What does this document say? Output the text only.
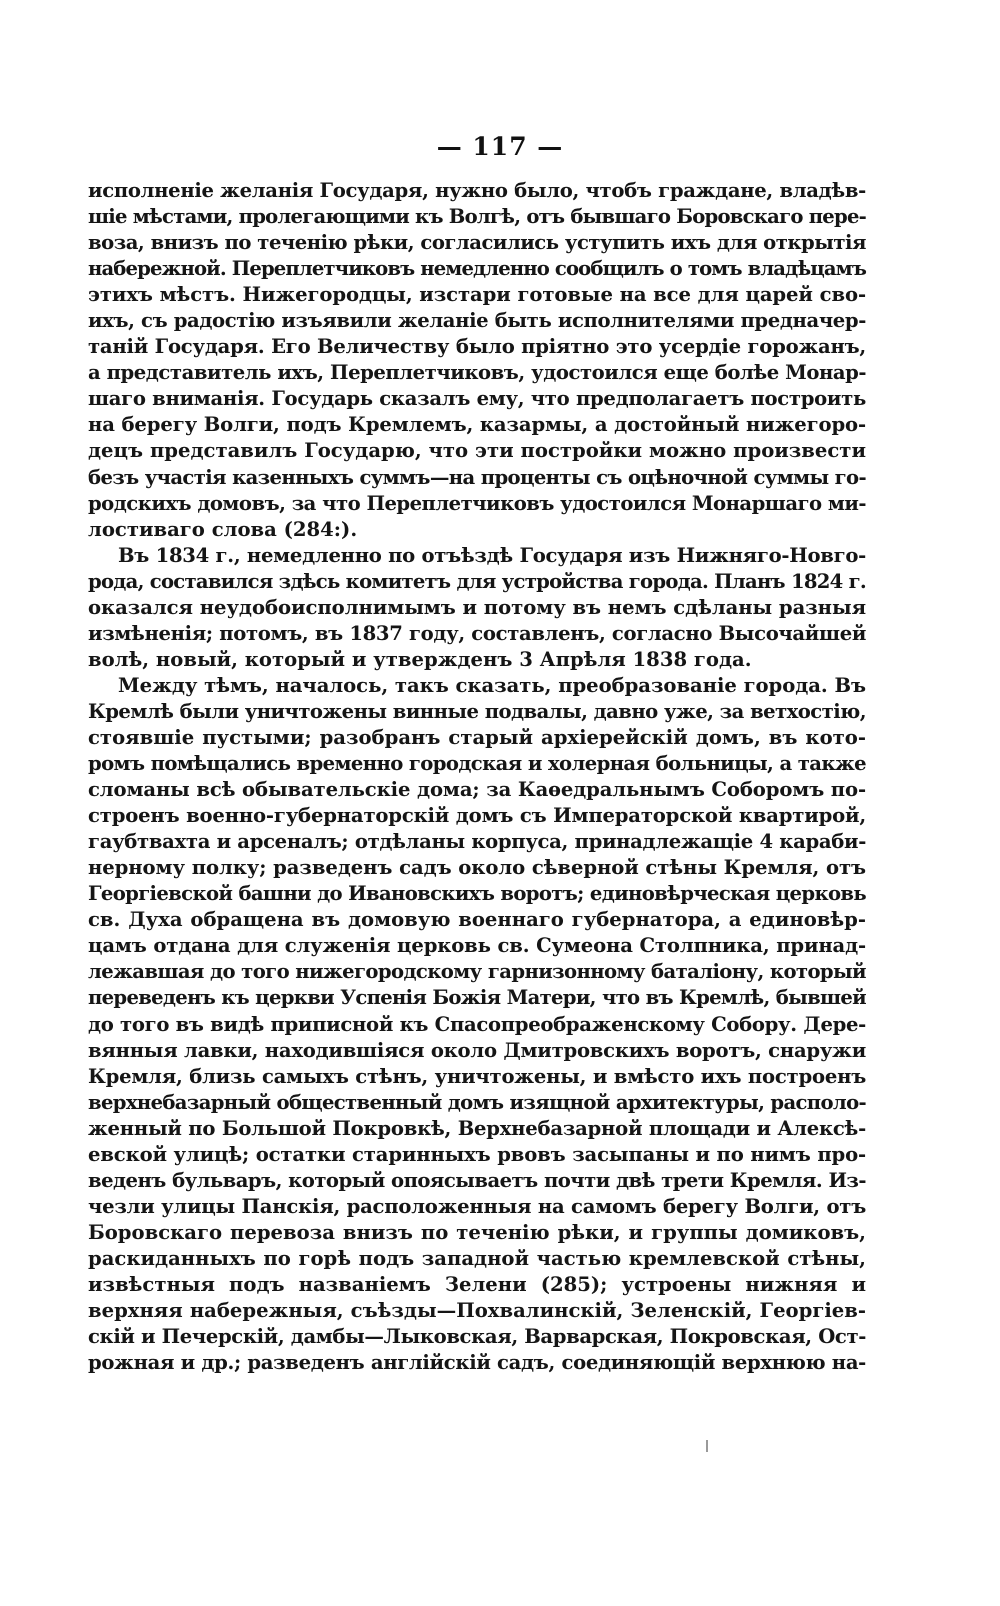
— 117 —
исполненіе желанія Государя, нужно было, чтобъ граждане, владѣв-
шіе мѣстами, пролегающими къ Волгѣ, отъ бывшаго Боровскаго пере-
воза, внизъ по теченію рѣки, согласились уступить ихъ для открытія
набережной. Переплетчиковъ немедленно сообщилъ о томъ владѣцамъ
этихъ мѣстъ. Нижегородцы, изстари готовые на все для царей сво-
ихъ, съ радостію изъявили желаніе быть исполнителями предначер-
таній Государя. Его Величеству было пріятно это усердіе горожанъ,
а представитель ихъ, Переплетчиковъ, удостоился еще болѣе Монар-
шаго вниманія. Государь сказалъ ему, что предполагаетъ построить
на берегу Волги, подъ Кремлемъ, казармы, а достойный нижегоро-
децъ представилъ Государю, что эти постройки можно произвести
безъ участія казенныхъ суммъ—на проценты съ оцѣночной суммы го-
родскихъ домовъ, за что Переплетчиковъ удостоился Монаршаго ми-
лостиваго слова (284:).
Въ 1834 г., немедленно по отъѣздѣ Государя изъ Нижняго-Новго-
рода, составился здѣсь комитетъ для устройства города. Планъ 1824 г.
оказался неудобоисполнимымъ и потому въ немъ сдѣланы разныя
измѣненія; потомъ, въ 1837 году, составленъ, согласно Высочайшей
волѣ, новый, который и утвержденъ 3 Апрѣля 1838 года.
Между тѣмъ, началось, такъ сказать, преобразованіе города. Въ
Кремлѣ были уничтожены винные подвалы, давно уже, за ветхостію,
стоявшіе пустыми; разобранъ старый архіерейскій домъ, въ кото-
ромъ помѣщались временно городская и холерная больницы, а также
сломаны всѣ обывательскіе дома; за Каѳедральнымъ Соборомъ по-
строенъ военно-губернаторскій домъ съ Императорской квартирой,
гаубтвахта и арсеналъ; отдѣланы корпуса, принадлежащіе 4 караби-
нерному полку; разведенъ садъ около сѣверной стѣны Кремля, отъ
Георгіевской башни до Ивановскихъ воротъ; единовѣрческая церковь
св. Духа обращена въ домовую военнаго губернатора, а единовѣр-
цамъ отдана для служенія церковь св. Сумеона Столпника, принад-
лежавшая до того нижегородскому гарнизонному баталіону, который
переведенъ къ церкви Успенія Божія Матери, что въ Кремлѣ, бывшей
до того въ видѣ приписной къ Спасопреображенскому Собору. Дере-
вянныя лавки, находившіяся около Дмитровскихъ воротъ, снаружи
Кремля, близь самыхъ стѣнъ, уничтожены, и вмѣсто ихъ построенъ
верхнебазарный общественный домъ изящной архитектуры, располо-
женный по Большой Покровкѣ, Верхнебазарной площади и Алексѣ-
евской улицѣ; остатки старинныхъ рвовъ засыпаны и по нимъ про-
веденъ бульваръ, который опоясываетъ почти двѣ трети Кремля. Из-
чезли улицы Панскія, расположенныя на самомъ берегу Волги, отъ
Боровскаго перевоза внизъ по теченію рѣки, и группы домиковъ,
раскиданныхъ по горѣ подъ западной частью кремлевской стѣны,
извѣстныя подъ названіемъ Зелени (285); устроены нижняя и
верхняя набережныя, съѣзды—Похвалинскій, Зеленскій, Георгіев-
скій и Печерскій, дамбы—Лыковская, Варварская, Покровская, Ост-
рожная и др.; разведенъ англійскій садъ, соединяющій верхнюю на-
